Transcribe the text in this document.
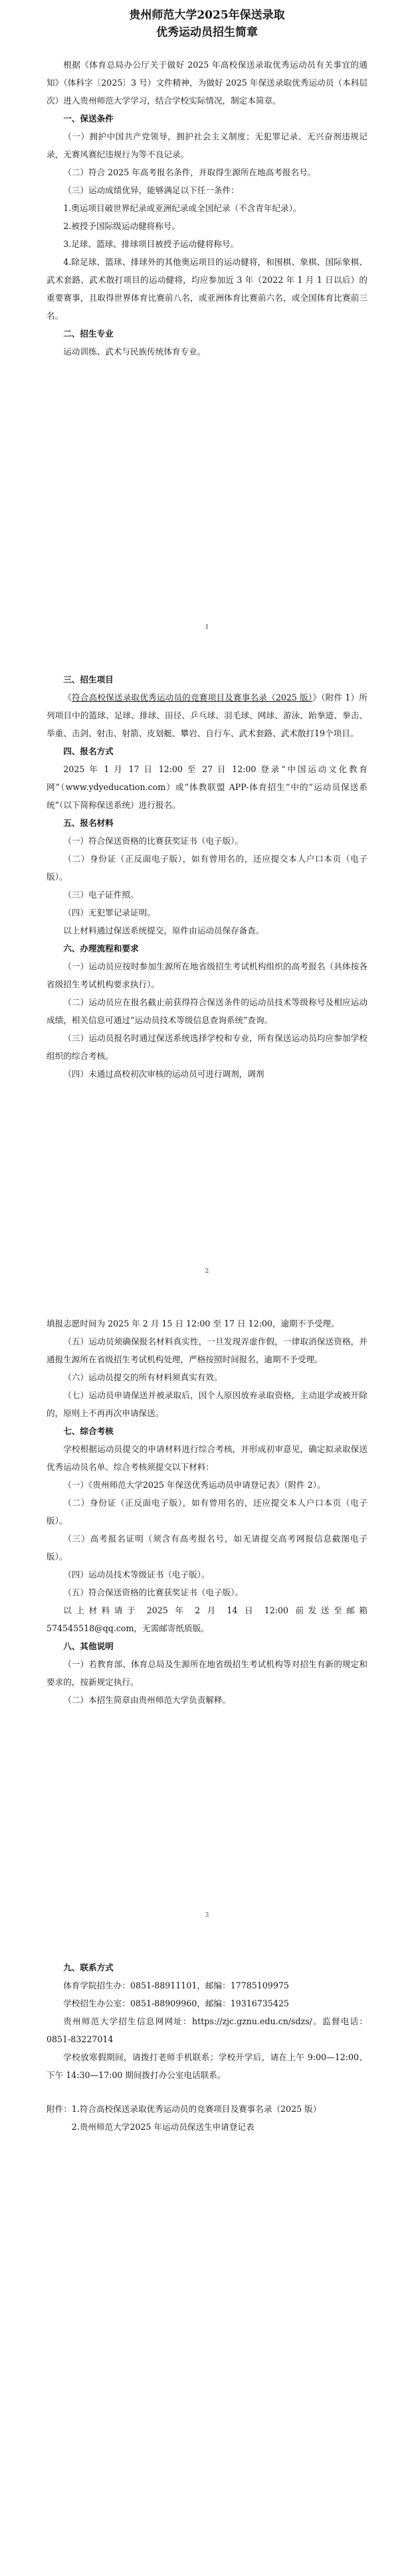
贵州师范大学2025年保送录取
优秀运动员招生简章

根据《体育总局办公厅关于做好 2025 年高校保送录取优秀运动员有关事宜的通知》（体科字〔2025〕3 号）文件精神，为做好 2025 年保送录取优秀运动员（本科层次）进入贵州师范大学学习，结合学校实际情况，制定本简章。

一、保送条件

（一）拥护中国共产党领导，拥护社会主义制度；无犯罪记录、无兴奋剂违规记录，无赛风赛纪违规行为等不良记录。

（二）符合 2025 年高考报名条件，并取得生源所在地高考报名号。

（三）运动成绩优异，能够满足以下任一条件：

1.奥运项目破世界纪录或亚洲纪录或全国纪录（不含青年纪录）。

2.被授予国际级运动健将称号。

3.足球、篮球、排球项目被授予运动健将称号。

4.除足球、篮球、排球外的其他奥运项目的运动健将，和围棋、象棋、国际象棋、武术套路、武术散打项目的运动健将，均应参加近 3 年（2022 年 1 月 1 日以后）的重要赛事，且取得世界体育比赛前八名，或亚洲体育比赛前六名，或全国体育比赛前三名。

二、招生专业

运动训练、武术与民族传统体育专业。

1
三、招生项目

《符合高校保送录取优秀运动员的竞赛项目及赛事名录（2025 版）》（附件 1）所列项目中的篮球、足球、排球、田径、乒乓球、羽毛球、网球、游泳、跆拳道、拳击、举重、击剑、射击、射箭、皮划艇、攀岩、自行车、武术套路、武术散打19个项目。

四、报名方式

2025 年 1 月 17 日 12:00 至 27 日 12:00 登录“中国运动文化教育网”（www.ydyeducation.com）或“体教联盟 APP-体育招生”中的“运动员保送系统”（以下简称保送系统）进行报名。

五、报名材料

（一）符合保送资格的比赛获奖证书（电子版）。

（二）身份证（正反面电子版），如有曾用名的，还应提交本人户口本页（电子版）。

（三）电子证件照。

（四）无犯罪记录证明。

以上材料通过保送系统提交，原件由运动员保存备查。

六、办理流程和要求

（一）运动员应按时参加生源所在地省级招生考试机构组织的高考报名（具体按各省级招生考试机构要求执行）。

（二）运动员应在报名截止前获得符合保送条件的运动员技术等级称号及相应运动成绩，相关信息可通过“运动员技术等级信息查询系统”查询。

（三）运动员报名时通过保送系统选择学校和专业，所有保送运动员均应参加学校组织的综合考核。

（四）未通过高校初次审核的运动员可进行调剂，调剂

2

填报志愿时间为 2025 年 2 月 15 日 12:00 至 17 日 12:00，逾期不予受理。

（五）运动员须确保报名材料真实性，一旦发现弄虚作假，一律取消保送资格，并通报生源所在省级招生考试机构处理，严格按照时间报名，逾期不予受理。

（六）运动员提交的所有材料须真实有效。

（七）运动员申请保送并被录取后，因个人原因放弃录取资格，主动退学或被开除的，原则上不再再次申请保送。

七、综合考核

学校根据运动员提交的申请材料进行综合考核，并形成初审意见，确定拟录取保送优秀运动员名单。综合考核须提交以下材料：

（一）《贵州师范大学2025 年保送优秀运动员申请登记表》（附件 2）。

（二）身份证（正反面电子版），如有曾用名的，还应提交本人户口本页（电子版）。

（三）高考报名证明（须含有高考报名号，如无请提交高考网报信息截图电子版）。

（四）运动员技术等级证书（电子版）。

（五）符合保送资格的比赛获奖证书（电子版）。

以上材料请于 2025 年 2 月 14 日 12:00 前发送至邮箱 574545518@qq.com，无需邮寄纸质版。

八、其他说明

（一）若教育部、体育总局及生源所在地省级招生考试机构等对招生有新的规定和要求的，按新规定执行。

（二）本招生简章由贵州师范大学负责解释。

3
九、联系方式

体育学院招生办：0851-88911101，邮编：17785109975

学校招生办公室：0851-88909960，邮编：19316735425

贵州师范大学招生信息网网址：https://zjc.gznu.edu.cn/sdzs/。监督电话：0851-83227014

学校放寒假期间，请拨打老师手机联系；学校开学后，请在上午 9:00—12:00、下午 14:30—17:00 期间拨打办公室电话联系。

附件：1.符合高校保送录取优秀运动员的竞赛项目及赛事名录（2025 版）

2.贵州师范大学2025 年运动员保送生申请登记表
